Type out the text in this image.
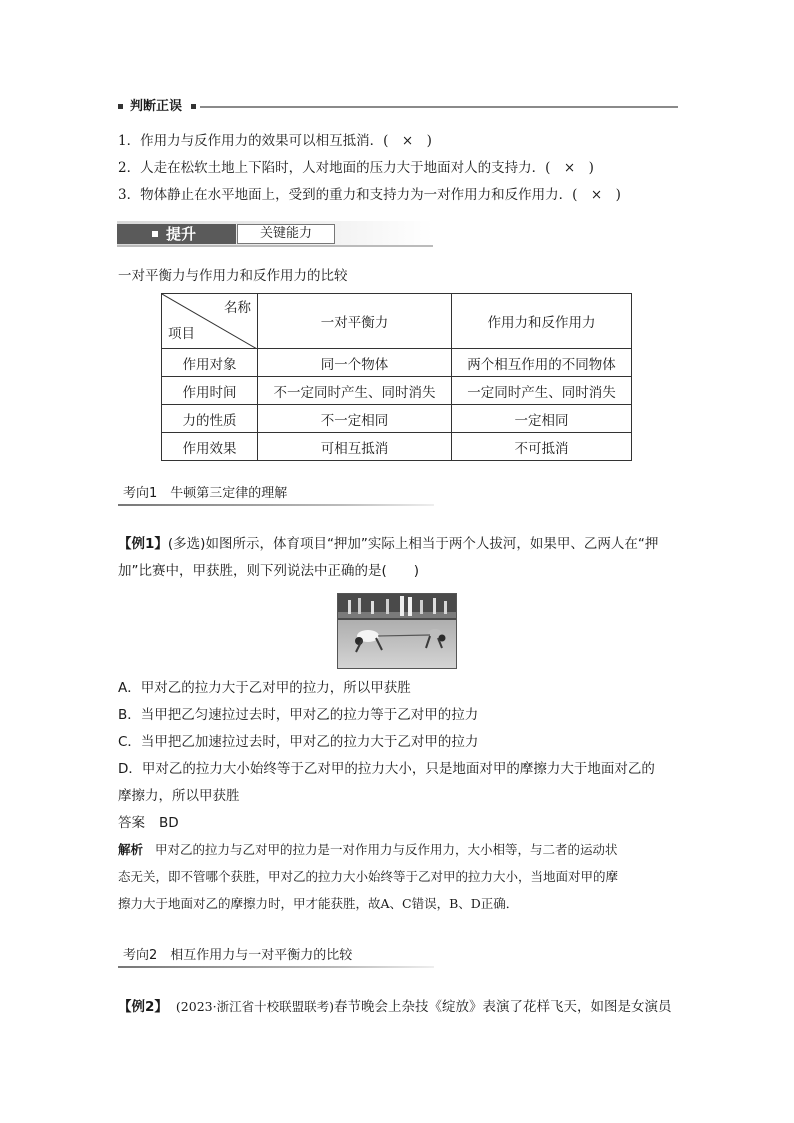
判断正误
1．作用力与反作用力的效果可以相互抵消．(　×　)
2．人走在松软土地上下陷时，人对地面的压力大于地面对人的支持力．(　×　)
3．物体静止在水平地面上，受到的重力和支持力为一对作用力和反作用力．(　×　)
提升	关键能力
一对平衡力与作用力和反作用力的比较
名称
项目	一对平衡力	作用力和反作用力
作用对象	同一个物体	两个相互作用的不同物体
作用时间	不一定同时产生、同时消失	一定同时产生、同时消失
力的性质	不一定相同	一定相同
作用效果	可相互抵消	不可抵消
考向1　牛顿第三定律的理解
【例1】(多选)如图所示，体育项目“押加”实际上相当于两个人拔河，如果甲、乙两人在“押
加”比赛中，甲获胜，则下列说法中正确的是(　　)
A．甲对乙的拉力大于乙对甲的拉力，所以甲获胜
B．当甲把乙匀速拉过去时，甲对乙的拉力等于乙对甲的拉力
C．当甲把乙加速拉过去时，甲对乙的拉力大于乙对甲的拉力
D．甲对乙的拉力大小始终等于乙对甲的拉力大小，只是地面对甲的摩擦力大于地面对乙的
摩擦力，所以甲获胜
答案 BD
解析 甲对乙的拉力与乙对甲的拉力是一对作用力与反作用力，大小相等，与二者的运动状
态无关，即不管哪个获胜，甲对乙的拉力大小始终等于乙对甲的拉力大小，当地面对甲的摩
擦力大于地面对乙的摩擦力时，甲才能获胜，故A、C错误，B、D正确．
考向2　相互作用力与一对平衡力的比较
【例2】 (2023·浙江省十校联盟联考)春节晚会上杂技《绽放》表演了花样飞天，如图是女演员
